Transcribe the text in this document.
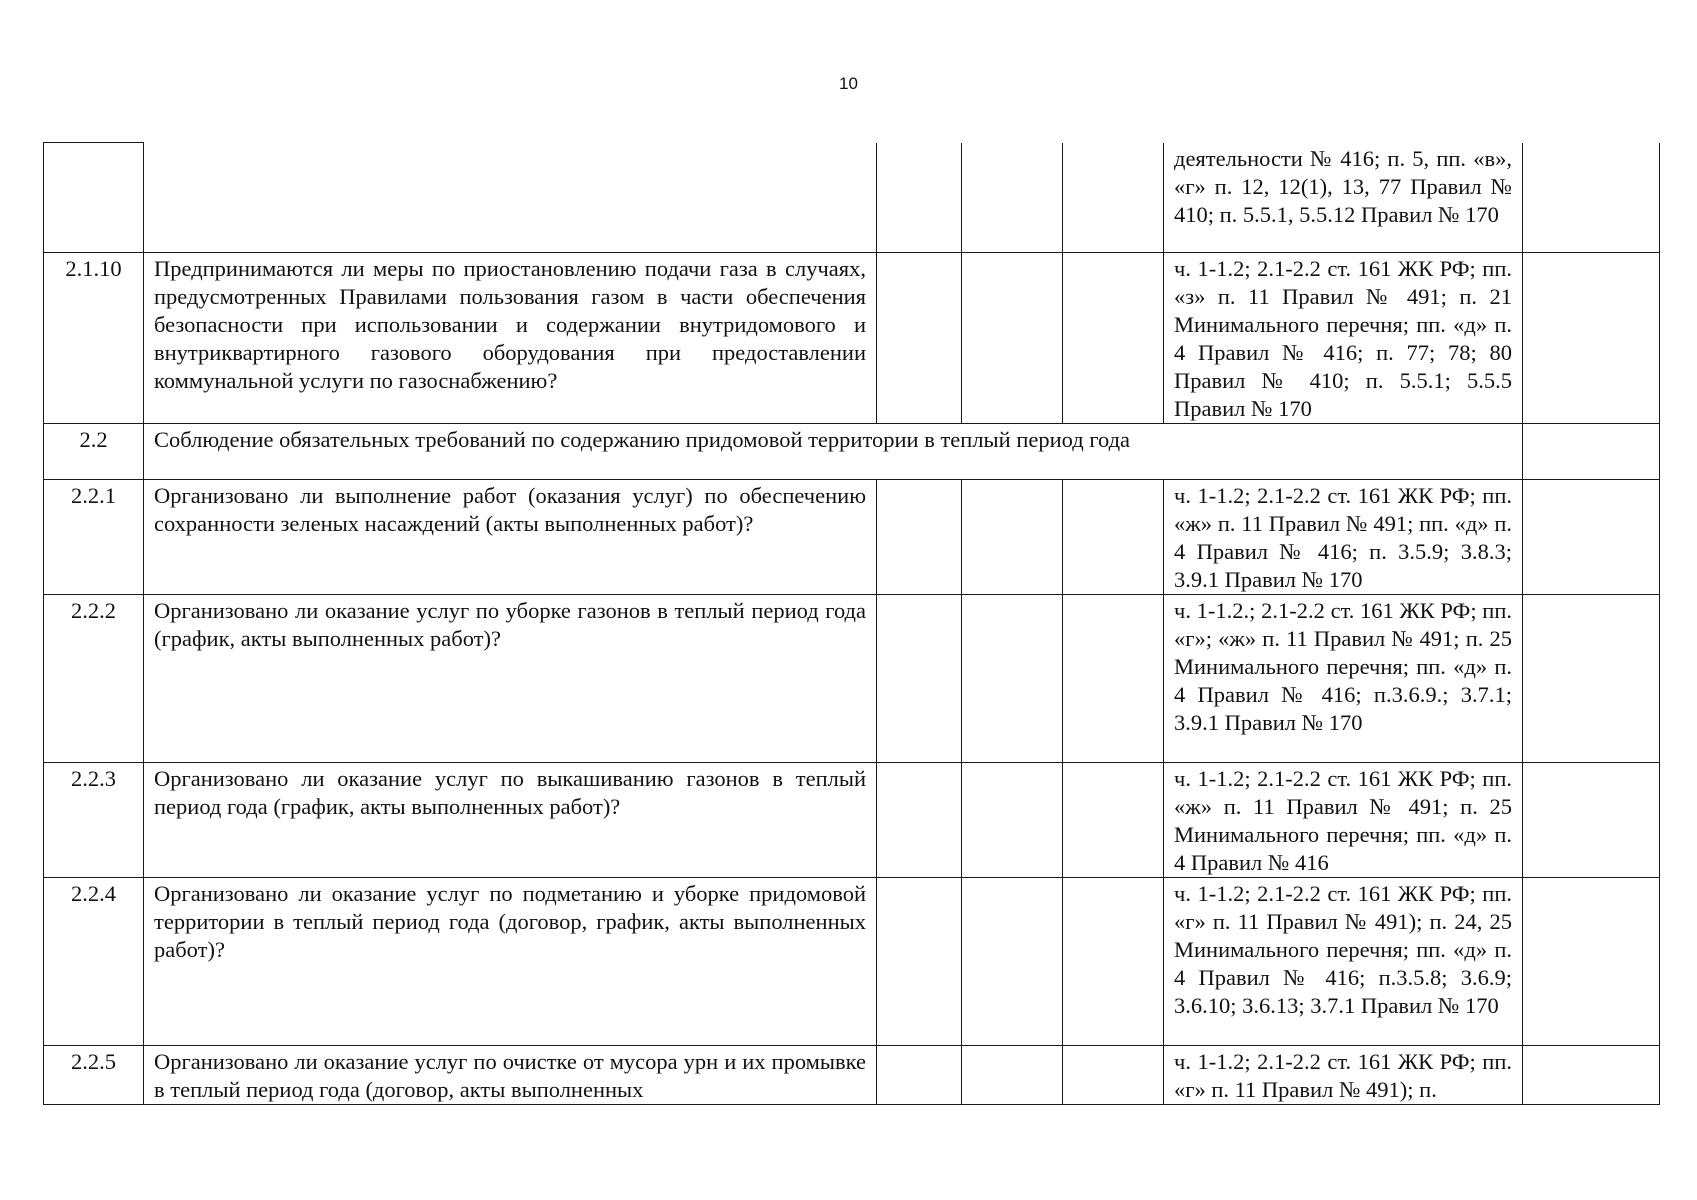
10
					деятельности № 416; п. 5, пп. «в», «г» п. 12, 12(1), 13, 77 Правил № 410; п. 5.5.1, 5.5.12 Правил № 170	
2.1.10	Предпринимаются ли меры по приостановлению подачи газа в случаях, предусмотренных Правилами пользования газом в части обеспечения безопасности при использовании и содержании внутридомового и внутриквартирного газового оборудования при предоставлении коммунальной услуги по газоснабжению?				ч. 1-1.2; 2.1-2.2 ст. 161 ЖК РФ; пп. «з» п. 11 Правил № 491; п. 21 Минимального перечня; пп. «д» п. 4 Правил № 416; п. 77; 78; 80 Правил № 410; п. 5.5.1; 5.5.5 Правил № 170	
2.2	Соблюдение обязательных требований по содержанию придомовой территории в теплый период года					
2.2.1	Организовано ли выполнение работ (оказания услуг) по обеспечению сохранности зеленых насаждений (акты выполненных работ)?				ч. 1-1.2; 2.1-2.2 ст. 161 ЖК РФ; пп. «ж» п. 11 Правил № 491; пп. «д» п. 4 Правил № 416; п. 3.5.9; 3.8.3; 3.9.1 Правил № 170	
2.2.2	Организовано ли оказание услуг по уборке газонов в теплый период года (график, акты выполненных работ)?				ч. 1-1.2.; 2.1-2.2 ст. 161 ЖК РФ; пп. «г»; «ж» п. 11 Правил № 491; п. 25 Минимального перечня; пп. «д» п. 4 Правил № 416; п.3.6.9.; 3.7.1; 3.9.1 Правил № 170	
2.2.3	Организовано ли оказание услуг по выкашиванию газонов в теплый период года (график, акты выполненных работ)?				ч. 1-1.2; 2.1-2.2 ст. 161 ЖК РФ; пп. «ж» п. 11 Правил № 491; п. 25 Минимального перечня; пп. «д» п. 4 Правил № 416	
2.2.4	Организовано ли оказание услуг по подметанию и уборке придомовой территории в теплый период года (договор, график, акты выполненных работ)?				ч. 1-1.2; 2.1-2.2 ст. 161 ЖК РФ; пп. «г» п. 11 Правил № 491); п. 24, 25 Минимального перечня; пп. «д» п. 4 Правил № 416; п.3.5.8; 3.6.9; 3.6.10; 3.6.13; 3.7.1 Правил № 170	
2.2.5	Организовано ли оказание услуг по очистке от мусора урн и их промывке в теплый период года (договор, акты выполненных				ч. 1-1.2; 2.1-2.2 ст. 161 ЖК РФ; пп. «г» п. 11 Правил № 491); п.	
